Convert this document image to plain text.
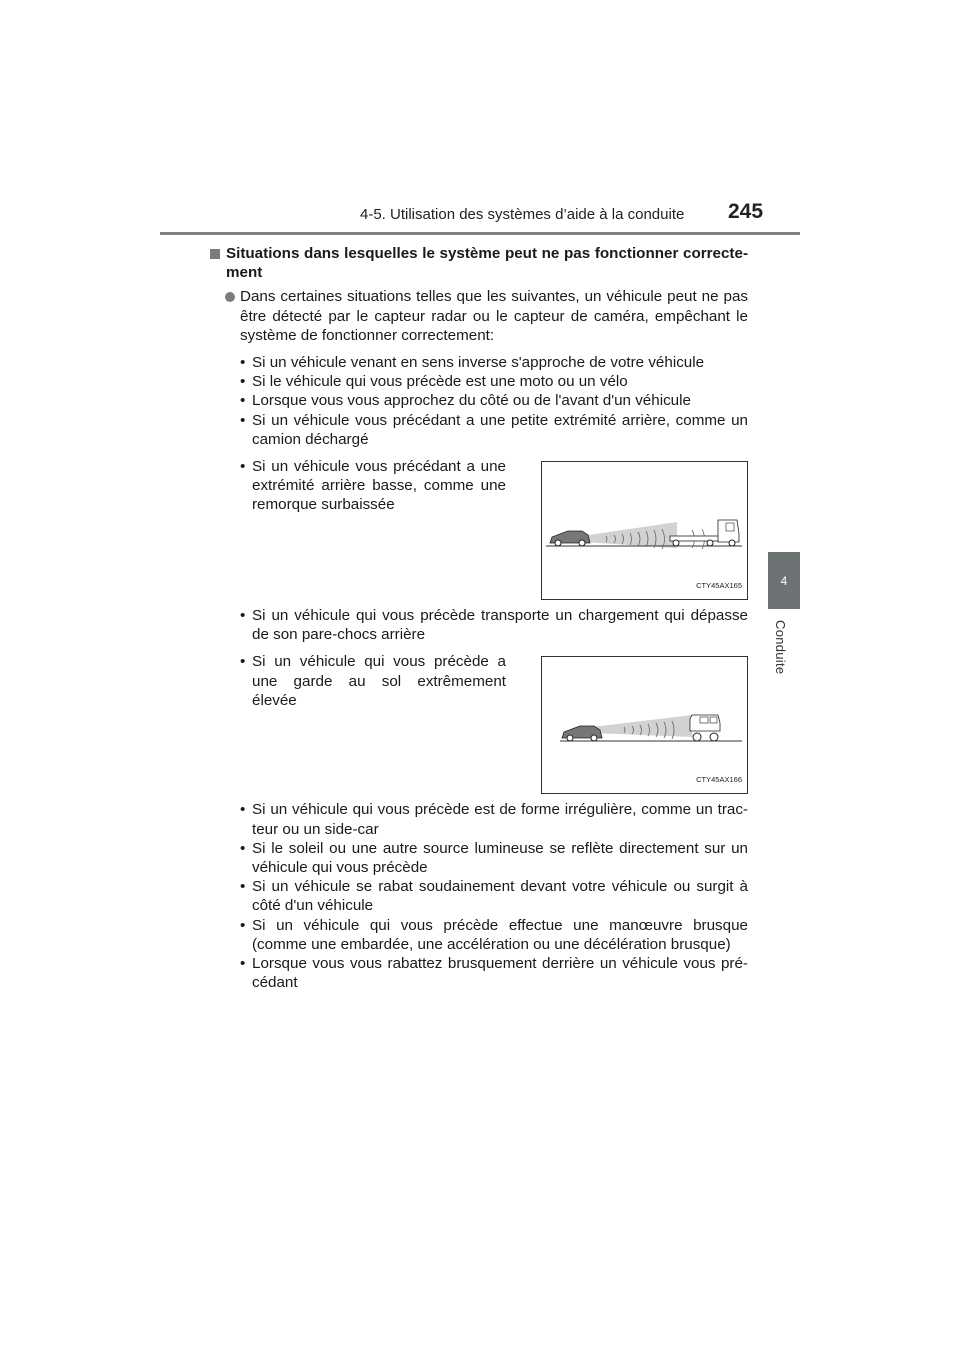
4-5. Utilisation des systèmes d’aide à la conduite 245
4
Conduite
Situations dans lesquelles le système peut ne pas fonctionner correcte-ment
Dans certaines situations telles que les suivantes, un véhicule peut ne pas être détecté par le capteur radar ou le capteur de caméra, empêchant le système de fonctionner correctement:
• Si un véhicule venant en sens inverse s'approche de votre véhicule
• Si le véhicule qui vous précède est une moto ou un vélo
• Lorsque vous vous approchez du côté ou de l'avant d'un véhicule
• Si un véhicule vous précédant a une petite extrémité arrière, comme un camion déchargé
• Si un véhicule vous précédant a une extrémité arrière basse, comme une remorque surbaissée
CTY45AX165
• Si un véhicule qui vous précède transporte un chargement qui dépasse de son pare-chocs arrière
• Si un véhicule qui vous précède a une garde au sol extrêmement élevée
CTY45AX166
• Si un véhicule qui vous précède est de forme irrégulière, comme un trac-teur ou un side-car
• Si le soleil ou une autre source lumineuse se reflète directement sur un véhicule qui vous précède
• Si un véhicule se rabat soudainement devant votre véhicule ou surgit à côté d'un véhicule
• Si un véhicule qui vous précède effectue une manœuvre brusque (comme une embardée, une accélération ou une décélération brusque)
• Lorsque vous vous rabattez brusquement derrière un véhicule vous pré-cédant
